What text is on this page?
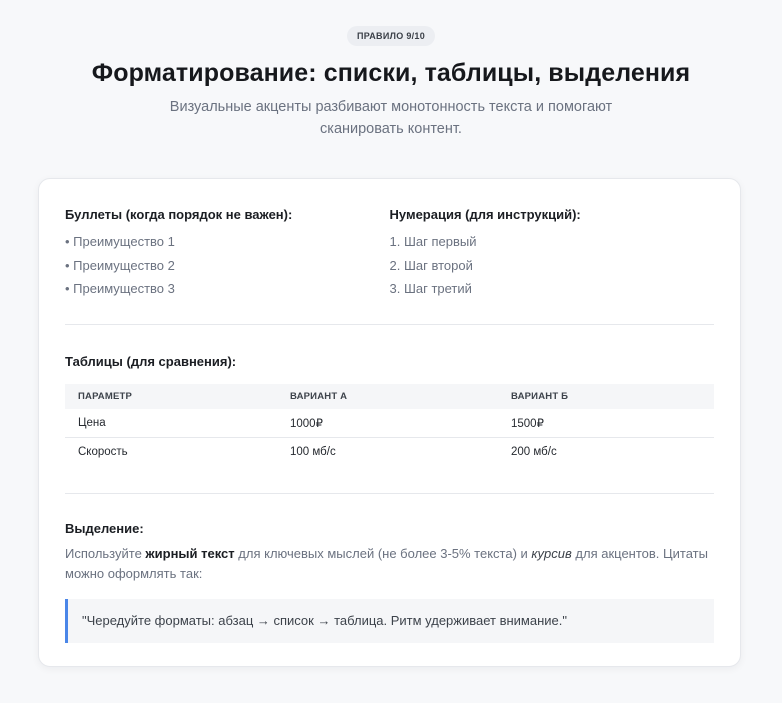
ПРАВИЛО 9/10
Форматирование: списки, таблицы, выделения

Визуальные акценты разбивают монотонность текста и помогают сканировать контент.

Буллеты (когда порядок не важен):
• Преимущество 1
• Преимущество 2
• Преимущество 3
Нумерация (для инструкций):
1. Шаг первый
2. Шаг второй
3. Шаг третий
Таблицы (для сравнения):
ПАРАМЕТР	ВАРИАНТ А	ВАРИАНТ Б
Цена	1000₽	1500₽
Скорость	100 мб/с	200 мб/с
Выделение:

Используйте жирный текст для ключевых мыслей (не более 3-5% текста) и курсив для акцентов. Цитаты можно оформлять так:

"Чередуйте форматы: абзац → список → таблица. Ритм удерживает внимание."
